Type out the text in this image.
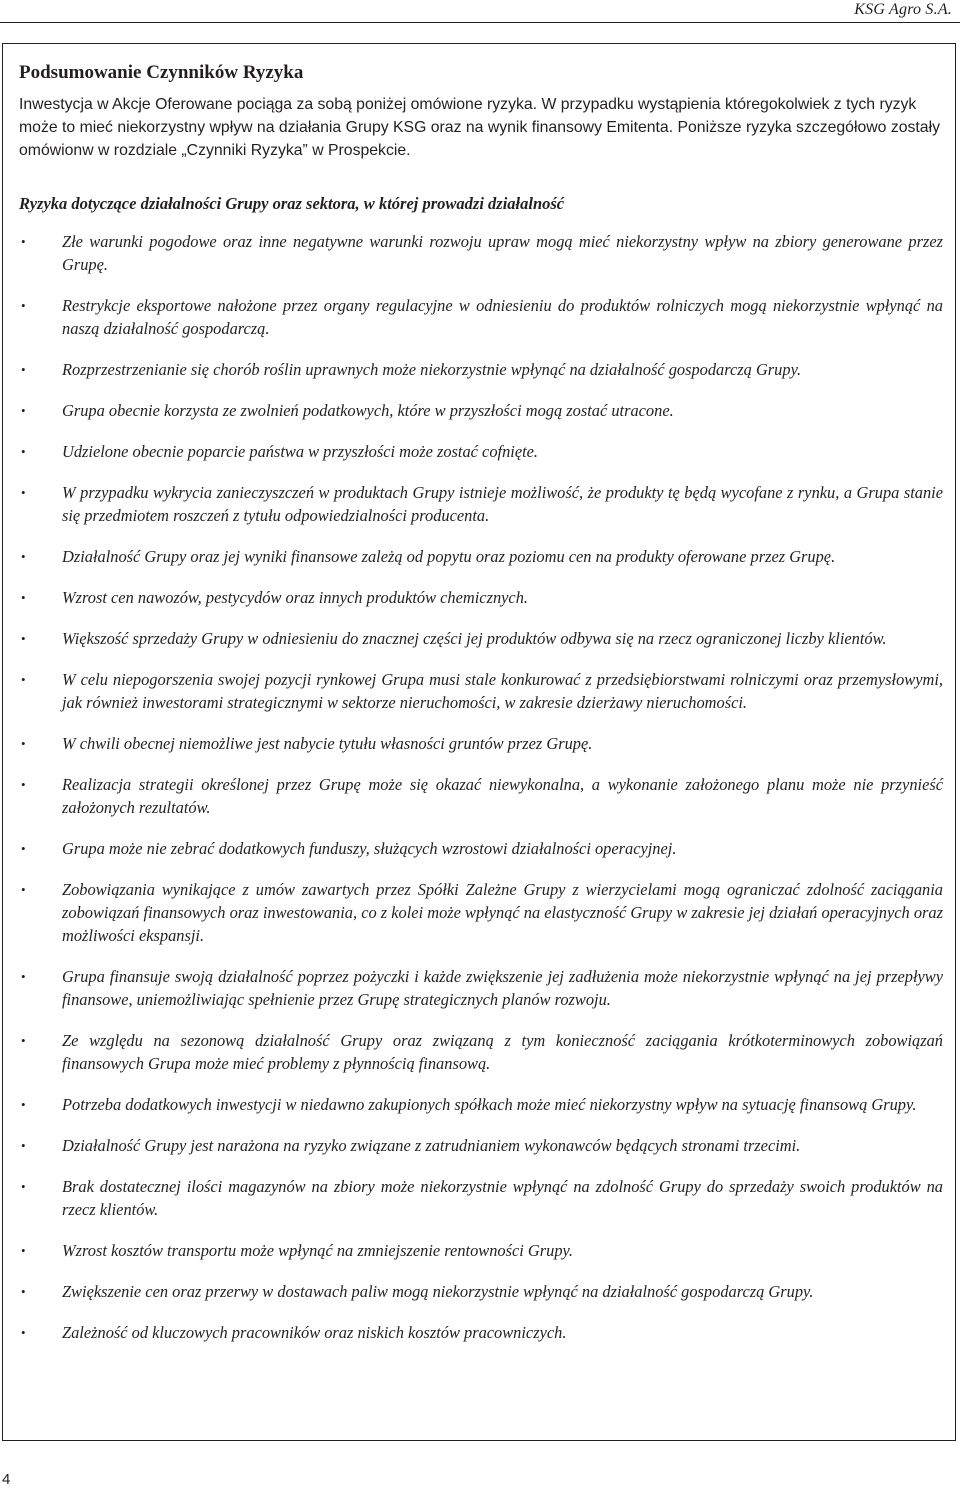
KSG Agro S.A.
Podsumowanie Czynników Ryzyka

Inwestycja w Akcje Oferowane pociąga za sobą poniżej omówione ryzyka. W przypadku wystąpienia któregokolwiek z tych ryzyk może to mieć niekorzystny wpływ na działania Grupy KSG oraz na wynik finansowy Emitenta. Poniższe ryzyka szczegółowo zostały omówionw w rozdziale „Czynniki Ryzyka” w Prospekcie.

Ryzyka dotyczące działalności Grupy oraz sektora, w której prowadzi działalność
• Złe warunki pogodowe oraz inne negatywne warunki rozwoju upraw mogą mieć niekorzystny wpływ na zbiory generowane przez Grupę.
• Restrykcje eksportowe nałożone przez organy regulacyjne w odniesieniu do produktów rolniczych mogą niekorzystnie wpłynąć na naszą działalność gospodarczą.
• Rozprzestrzenianie się chorób roślin uprawnych może niekorzystnie wpłynąć na działalność gospodarczą Grupy.
• Grupa obecnie korzysta ze zwolnień podatkowych, które w przyszłości mogą zostać utracone.
• Udzielone obecnie poparcie państwa w przyszłości może zostać cofnięte.
• W przypadku wykrycia zanieczyszczeń w produktach Grupy istnieje możliwość, że produkty tę będą wycofane z rynku, a Grupa stanie się przedmiotem roszczeń z tytułu odpowiedzialności producenta.
• Działalność Grupy oraz jej wyniki finansowe zależą od popytu oraz poziomu cen na produkty oferowane przez Grupę.
• Wzrost cen nawozów, pestycydów oraz innych produktów chemicznych.
• Większość sprzedaży Grupy w odniesieniu do znacznej części jej produktów odbywa się na rzecz ograniczonej liczby klientów.
• W celu niepogorszenia swojej pozycji rynkowej Grupa musi stale konkurować z przedsiębiorstwami rolniczymi oraz przemysłowymi, jak również inwestorami strategicznymi w sektorze nieruchomości, w zakresie dzierżawy nieruchomości.
• W chwili obecnej niemożliwe jest nabycie tytułu własności gruntów przez Grupę.
• Realizacja strategii określonej przez Grupę może się okazać niewykonalna, a wykonanie założonego planu może nie przynieść założonych rezultatów.
• Grupa może nie zebrać dodatkowych funduszy, służących wzrostowi działalności operacyjnej.
• Zobowiązania wynikające z umów zawartych przez Spółki Zależne Grupy z wierzycielami mogą ograniczać zdolność zaciągania zobowiązań finansowych oraz inwestowania, co z kolei może wpłynąć na elastyczność Grupy w zakresie jej działań operacyjnych oraz możliwości ekspansji.
• Grupa finansuje swoją działalność poprzez pożyczki i każde zwiększenie jej zadłużenia może niekorzystnie wpłynąć na jej przepływy finansowe, uniemożliwiając spełnienie przez Grupę strategicznych planów rozwoju.
• Ze względu na sezonową działalność Grupy oraz związaną z tym konieczność zaciągania krótkoterminowych zobowiązań finansowych Grupa może mieć problemy z płynnością finansową.
• Potrzeba dodatkowych inwestycji w niedawno zakupionych spółkach może mieć niekorzystny wpływ na sytuację finansową Grupy.
• Działalność Grupy jest narażona na ryzyko związane z zatrudnianiem wykonawców będących stronami trzecimi.
• Brak dostatecznej ilości magazynów na zbiory może niekorzystnie wpłynąć na zdolność Grupy do sprzedaży swoich produktów na rzecz klientów.
• Wzrost kosztów transportu może wpłynąć na zmniejszenie rentowności Grupy.
• Zwiększenie cen oraz przerwy w dostawach paliw mogą niekorzystnie wpłynąć na działalność gospodarczą Grupy.
• Zależność od kluczowych pracowników oraz niskich kosztów pracowniczych.
4
